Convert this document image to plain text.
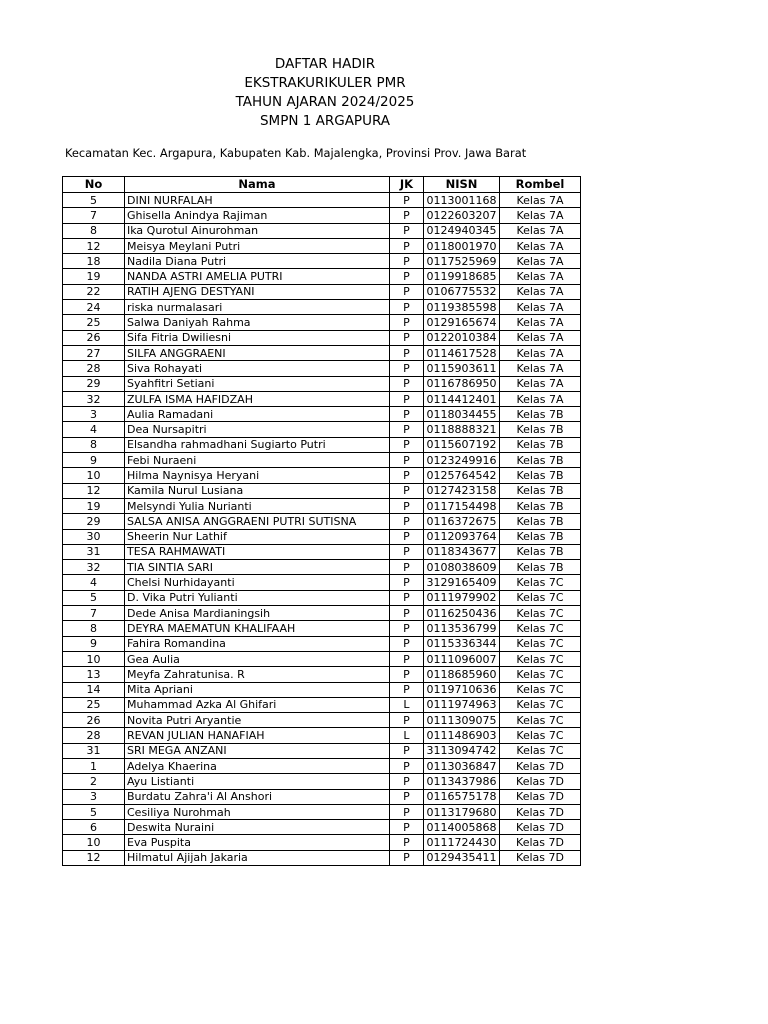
DAFTAR HADIR
EKSTRAKURIKULER PMR
TAHUN AJARAN 2024/2025
SMPN 1 ARGAPURA
Kecamatan Kec. Argapura, Kabupaten Kab. Majalengka, Provinsi Prov. Jawa Barat
No	Nama	JK	NISN	Rombel
5	DINI NURFALAH	P	0113001168	Kelas 7A
7	Ghisella Anindya Rajiman	P	0122603207	Kelas 7A
8	Ika Qurotul Ainurohman	P	0124940345	Kelas 7A
12	Meisya Meylani Putri	P	0118001970	Kelas 7A
18	Nadila Diana Putri	P	0117525969	Kelas 7A
19	NANDA ASTRI AMELIA PUTRI	P	0119918685	Kelas 7A
22	RATIH AJENG DESTYANI	P	0106775532	Kelas 7A
24	riska nurmalasari	P	0119385598	Kelas 7A
25	Salwa Daniyah Rahma	P	0129165674	Kelas 7A
26	Sifa Fitria Dwiliesni	P	0122010384	Kelas 7A
27	SILFA ANGGRAENI	P	0114617528	Kelas 7A
28	Siva Rohayati	P	0115903611	Kelas 7A
29	Syahfitri Setiani	P	0116786950	Kelas 7A
32	ZULFA ISMA HAFIDZAH	P	0114412401	Kelas 7A
3	Aulia Ramadani	P	0118034455	Kelas 7B
4	Dea Nursapitri	P	0118888321	Kelas 7B
8	Elsandha rahmadhani Sugiarto Putri	P	0115607192	Kelas 7B
9	Febi Nuraeni	P	0123249916	Kelas 7B
10	Hilma Naynisya Heryani	P	0125764542	Kelas 7B
12	Kamila Nurul Lusiana	P	0127423158	Kelas 7B
19	Melsyndi Yulia Nurianti	P	0117154498	Kelas 7B
29	SALSA ANISA ANGGRAENI PUTRI SUTISNA	P	0116372675	Kelas 7B
30	Sheerin Nur Lathif	P	0112093764	Kelas 7B
31	TESA RAHMAWATI	P	0118343677	Kelas 7B
32	TIA SINTIA SARI	P	0108038609	Kelas 7B
4	Chelsi Nurhidayanti	P	3129165409	Kelas 7C
5	D. Vika Putri Yulianti	P	0111979902	Kelas 7C
7	Dede Anisa Mardianingsih	P	0116250436	Kelas 7C
8	DEYRA MAEMATUN KHALIFAAH	P	0113536799	Kelas 7C
9	Fahira Romandina	P	0115336344	Kelas 7C
10	Gea Aulia	P	0111096007	Kelas 7C
13	Meyfa Zahratunisa. R	P	0118685960	Kelas 7C
14	Mita Apriani	P	0119710636	Kelas 7C
25	Muhammad Azka Al Ghifari	L	0111974963	Kelas 7C
26	Novita Putri Aryantie	P	0111309075	Kelas 7C
28	REVAN JULIAN HANAFIAH	L	0111486903	Kelas 7C
31	SRI MEGA ANZANI	P	3113094742	Kelas 7C
1	Adelya Khaerina	P	0113036847	Kelas 7D
2	Ayu Listianti	P	0113437986	Kelas 7D
3	Burdatu Zahra'i Al Anshori	P	0116575178	Kelas 7D
5	Cesiliya Nurohmah	P	0113179680	Kelas 7D
6	Deswita Nuraini	P	0114005868	Kelas 7D
10	Eva Puspita	P	0111724430	Kelas 7D
12	Hilmatul Ajijah Jakaria	P	0129435411	Kelas 7D
